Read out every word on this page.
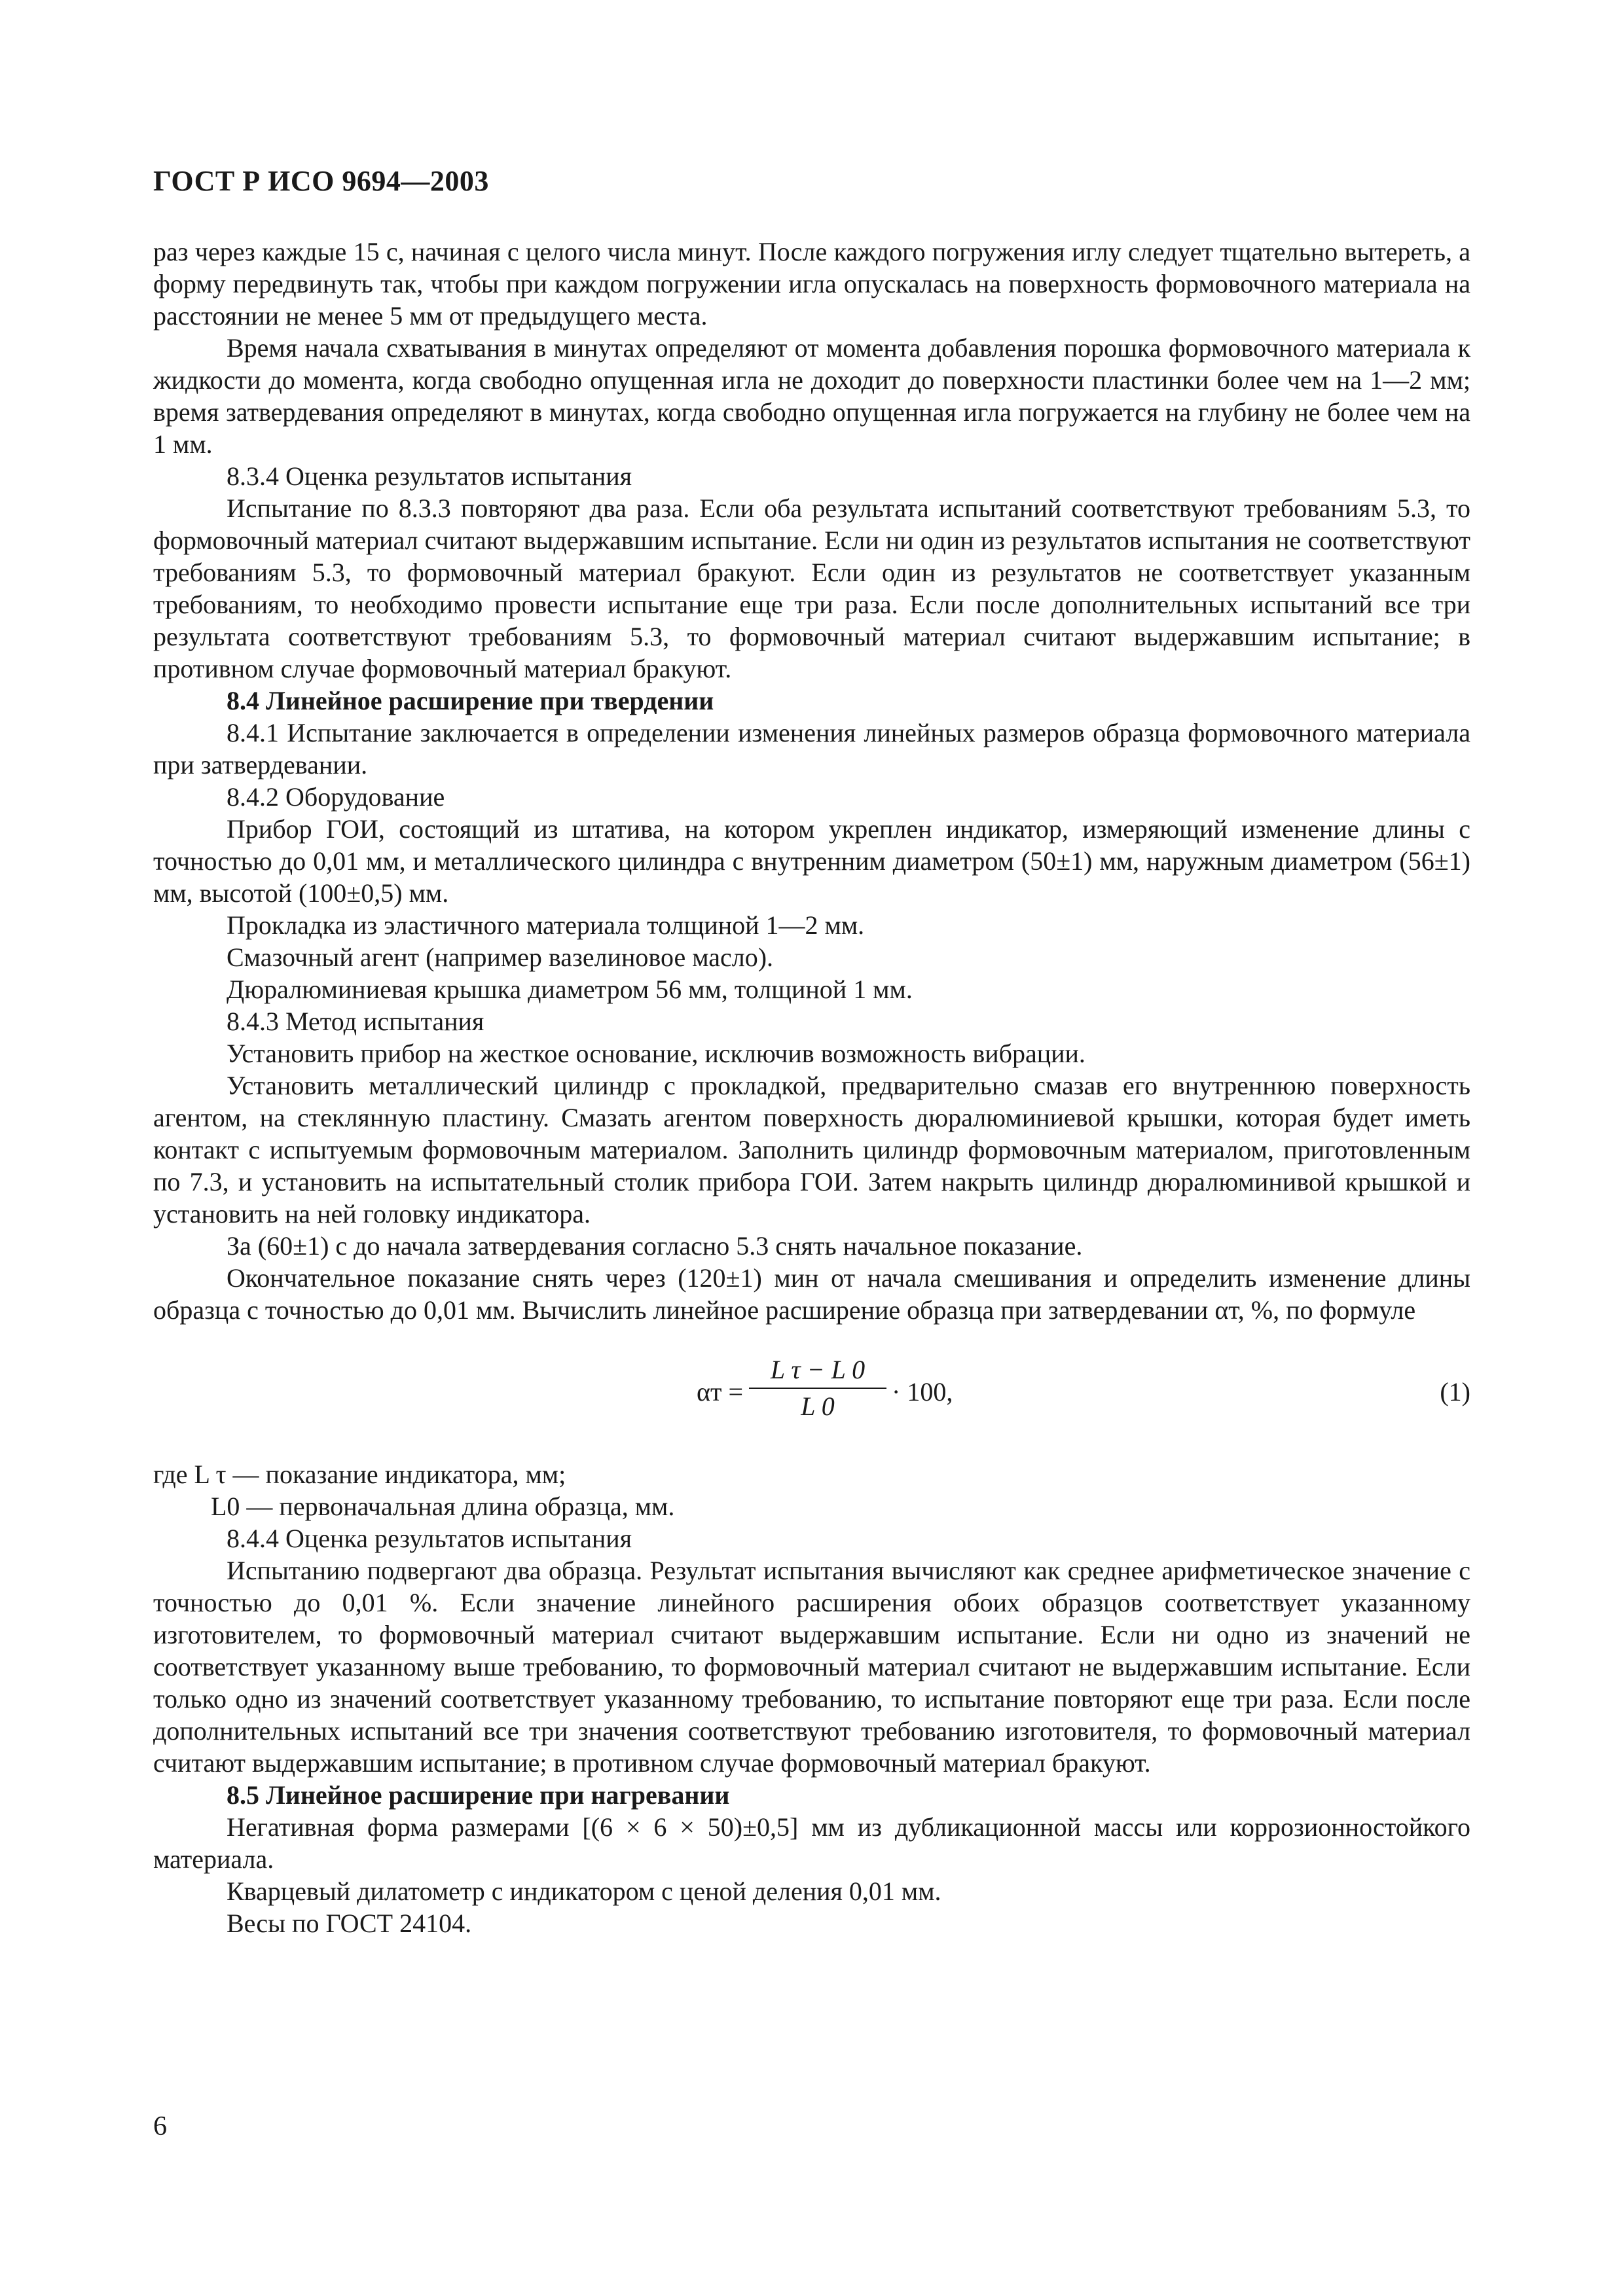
ГОСТ Р ИСО 9694—2003

раз через каждые 15 с, начиная с целого числа минут. После каждого погружения иглу следует тщательно вытереть, а форму передвинуть так, чтобы при каждом погружении игла опускалась на поверхность формовочного материала на расстоянии не менее 5 мм от предыдущего места.

Время начала схватывания в минутах определяют от момента добавления порошка формовочного материала к жидкости до момента, когда свободно опущенная игла не доходит до поверхности пластинки более чем на 1—2 мм; время затвердевания определяют в минутах, когда свободно опущенная игла погружается на глубину не более чем на 1 мм.

8.3.4 Оценка результатов испытания

Испытание по 8.3.3 повторяют два раза. Если оба результата испытаний соответствуют требованиям 5.3, то формовочный материал считают выдержавшим испытание. Если ни один из результатов испытания не соответствуют требованиям 5.3, то формовочный материал бракуют. Если один из результатов не соответствует указанным требованиям, то необходимо провести испытание еще три раза. Если после дополнительных испытаний все три результата соответствуют требованиям 5.3, то формовочный материал считают выдержавшим испытание; в противном случае формовочный материал бракуют.

8.4 Линейное расширение при твердении

8.4.1 Испытание заключается в определении изменения линейных размеров образца формовочного материала при затвердевании.

8.4.2 Оборудование

Прибор ГОИ, состоящий из штатива, на котором укреплен индикатор, измеряющий изменение длины с точностью до 0,01 мм, и металлического цилиндра с внутренним диаметром (50±1) мм, наружным диаметром (56±1) мм, высотой (100±0,5) мм.

Прокладка из эластичного материала толщиной 1—2 мм.

Смазочный агент (например вазелиновое масло).

Дюралюминиевая крышка диаметром 56 мм, толщиной 1 мм.

8.4.3 Метод испытания

Установить прибор на жесткое основание, исключив возможность вибрации.

Установить металлический цилиндр с прокладкой, предварительно смазав его внутреннюю поверхность агентом, на стеклянную пластину. Смазать агентом поверхность дюралюминиевой крышки, которая будет иметь контакт с испытуемым формовочным материалом. Заполнить цилиндр формовочным материалом, приготовленным по 7.3, и установить на испытательный столик прибора ГОИ. Затем накрыть цилиндр дюралюминивой крышкой и установить на ней головку индикатора.

За (60±1) с до начала затвердевания согласно 5.3 снять начальное показание.

Окончательное показание снять через (120±1) мин от начала смешивания и определить изменение длины образца с точностью до 0,01 мм. Вычислить линейное расширение образца при затвердевании αт, %, по формуле

αт =
L τ − L 0
L 0	· 100,	(1)

где L τ — показание индикатора, мм;

L0 — первоначальная длина образца, мм.

8.4.4 Оценка результатов испытания

Испытанию подвергают два образца. Результат испытания вычисляют как среднее арифметическое значение с точностью до 0,01 %. Если значение линейного расширения обоих образцов соответствует указанному изготовителем, то формовочный материал считают выдержавшим испытание. Если ни одно из значений не соответствует указанному выше требованию, то формовочный материал считают не выдержавшим испытание. Если только одно из значений соответствует указанному требованию, то испытание повторяют еще три раза. Если после дополнительных испытаний все три значения соответствуют требованию изготовителя, то формовочный материал считают выдержавшим испытание; в противном случае формовочный материал бракуют.

8.5 Линейное расширение при нагревании

Негативная форма размерами [(6 × 6 × 50)±0,5] мм из дубликационной массы или коррозионностойкого материала.

Кварцевый дилатометр с индикатором с ценой деления 0,01 мм.

Весы по ГОСТ 24104.

6
